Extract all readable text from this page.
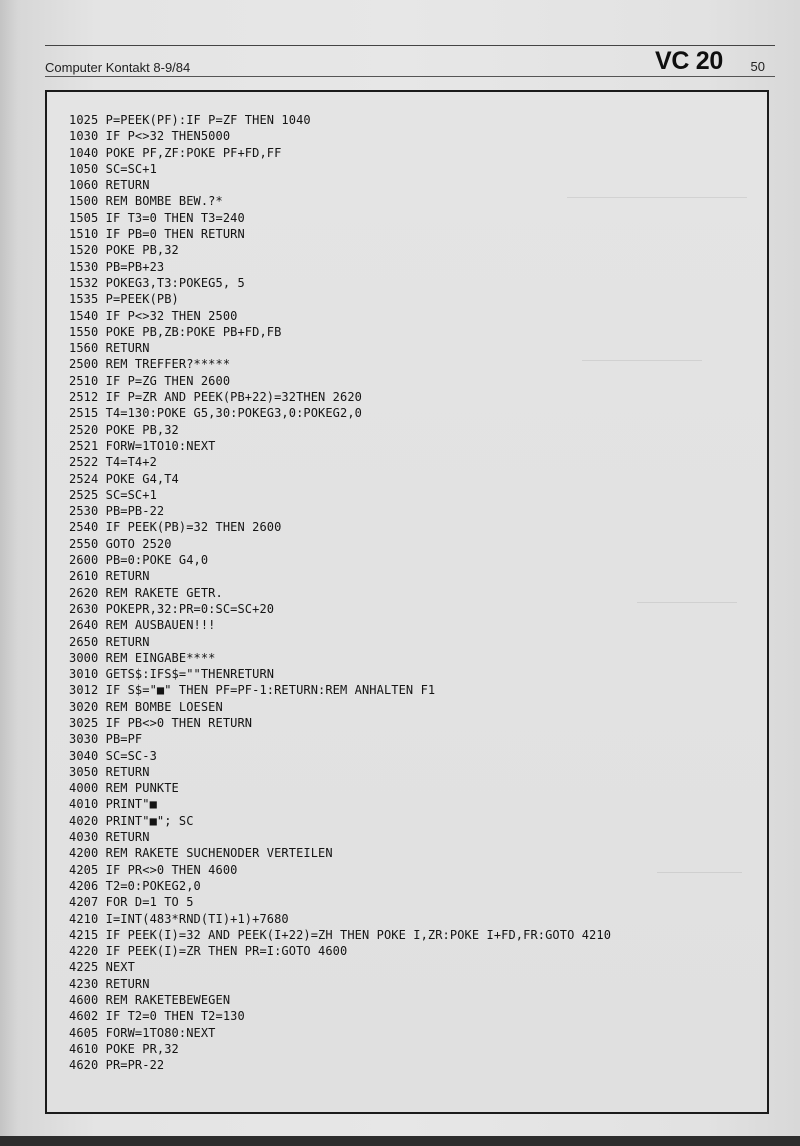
Computer Kontakt 8-9/84	VC 20 50
1025 P=PEEK(PF):IF P=ZF THEN 1040
1030 IF P<>32 THEN5000
1040 POKE PF,ZF:POKE PF+FD,FF
1050 SC=SC+1
1060 RETURN
1500 REM BOMBE BEW.?*
1505 IF T3=0 THEN T3=240
1510 IF PB=0 THEN RETURN
1520 POKE PB,32
1530 PB=PB+23
1532 POKEG3,T3:POKEG5, 5
1535 P=PEEK(PB)
1540 IF P<>32 THEN 2500
1550 POKE PB,ZB:POKE PB+FD,FB
1560 RETURN
2500 REM TREFFER?*****
2510 IF P=ZG THEN 2600
2512 IF P=ZR AND PEEK(PB+22)=32THEN 2620
2515 T4=130:POKE G5,30:POKEG3,0:POKEG2,0
2520 POKE PB,32
2521 FORW=1TO10:NEXT
2522 T4=T4+2
2524 POKE G4,T4
2525 SC=SC+1
2530 PB=PB-22
2540 IF PEEK(PB)=32 THEN 2600
2550 GOTO 2520
2600 PB=0:POKE G4,0
2610 RETURN
2620 REM RAKETE GETR.
2630 POKEPR,32:PR=0:SC=SC+20
2640 REM AUSBAUEN!!!
2650 RETURN
3000 REM EINGABE****
3010 GETS$:IFS$=""THENRETURN
3012 IF S$="■" THEN PF=PF-1:RETURN:REM ANHALTEN F1
3020 REM BOMBE LOESEN
3025 IF PB<>0 THEN RETURN
3030 PB=PF
3040 SC=SC-3
3050 RETURN
4000 REM PUNKTE
4010 PRINT"■
4020 PRINT"■"; SC
4030 RETURN
4200 REM RAKETE SUCHENODER VERTEILEN
4205 IF PR<>0 THEN 4600
4206 T2=0:POKEG2,0
4207 FOR D=1 TO 5
4210 I=INT(483*RND(TI)+1)+7680
4215 IF PEEK(I)=32 AND PEEK(I+22)=ZH THEN POKE I,ZR:POKE I+FD,FR:GOTO 4210
4220 IF PEEK(I)=ZR THEN PR=I:GOTO 4600
4225 NEXT
4230 RETURN
4600 REM RAKETEBEWEGEN
4602 IF T2=0 THEN T2=130
4605 FORW=1TO80:NEXT
4610 POKE PR,32
4620 PR=PR-22
